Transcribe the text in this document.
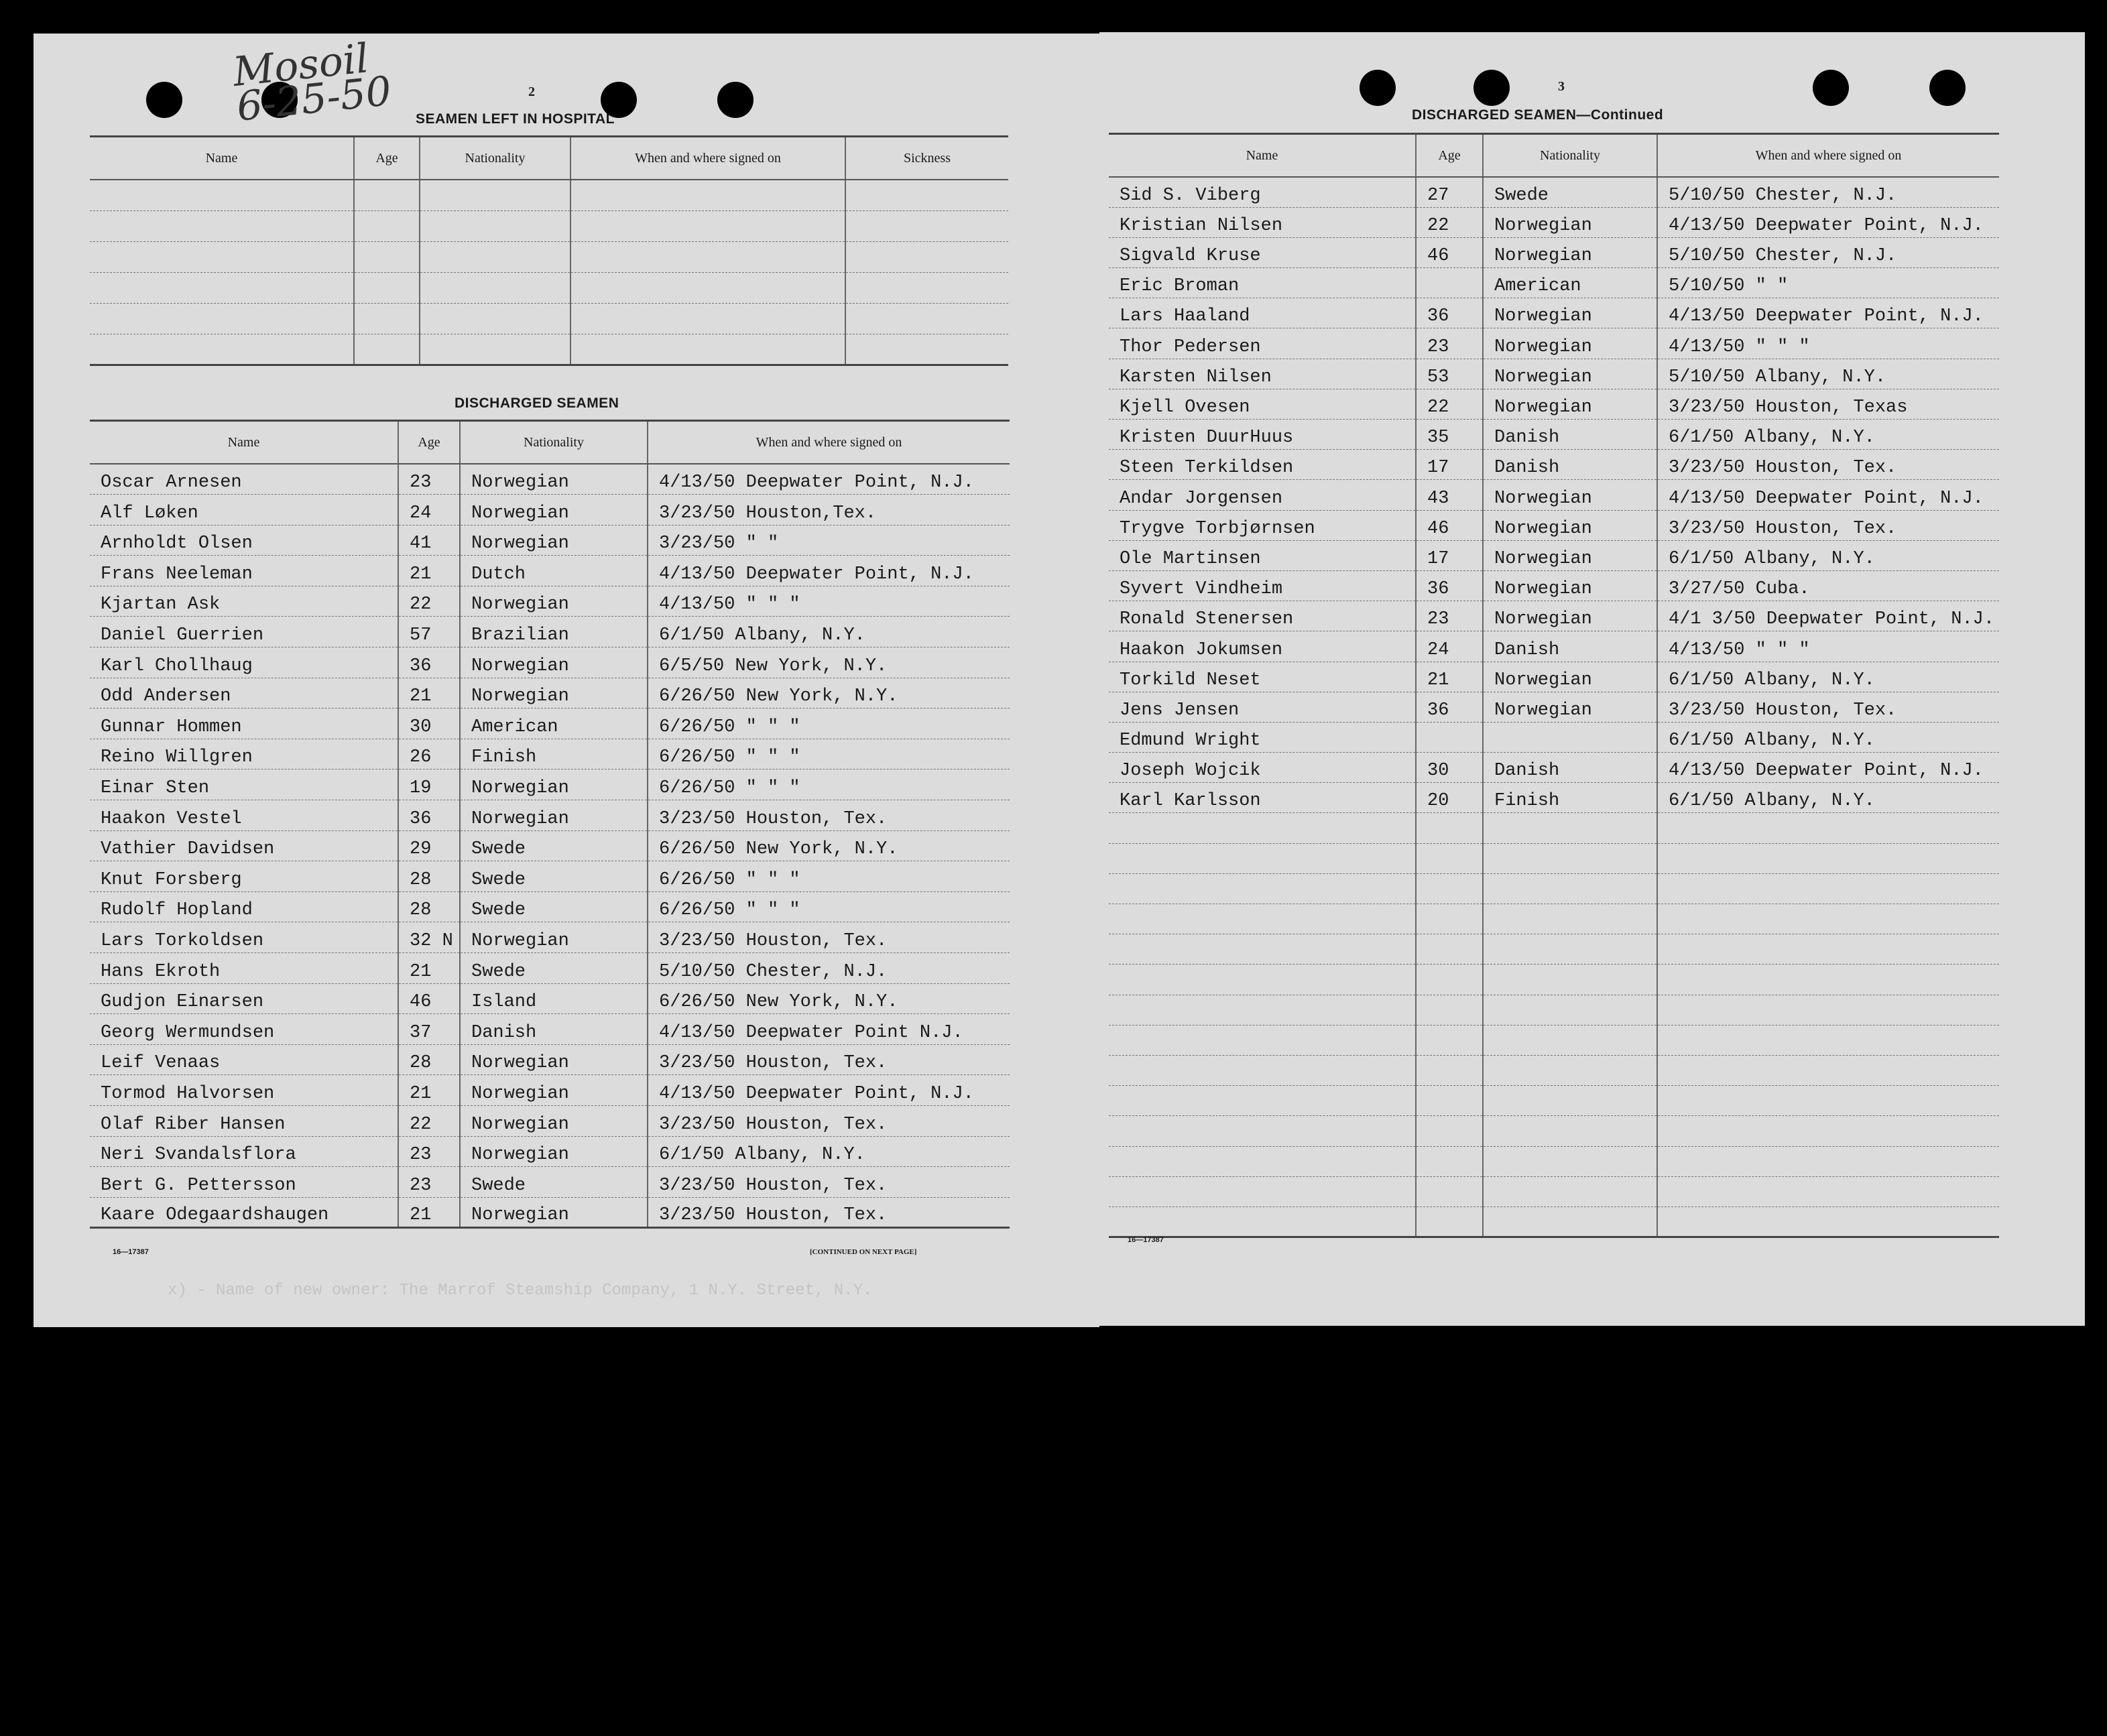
Mosoil
6-25-50	2
SEAMEN LEFT IN HOSPITAL
Name	Age	Nationality	When and where signed on	Sickness

DISCHARGED SEAMEN
Name	Age	Nationality	When and where signed on
Oscar Arnesen	23	Norwegian	4/13/50 Deepwater Point, N.J.
Alf Løken	24	Norwegian	3/23/50 Houston,Tex.
Arnholdt Olsen	41	Norwegian	3/23/50 " "
Frans Neeleman	21	Dutch	4/13/50 Deepwater Point, N.J.
Kjartan Ask	22	Norwegian	4/13/50 " " "
Daniel Guerrien	57	Brazilian	6/1/50 Albany, N.Y.
Karl Chollhaug	36	Norwegian	6/5/50 New York, N.Y.
Odd Andersen	21	Norwegian	6/26/50 New York, N.Y.
Gunnar Hommen	30	American	6/26/50 " " "
Reino Willgren	26	Finish	6/26/50 " " "
Einar Sten	19	Norwegian	6/26/50 " " "
Haakon Vestel	36	Norwegian	3/23/50 Houston, Tex.
Vathier Davidsen	29	Swede	6/26/50 New York, N.Y.
Knut Forsberg	28	Swede	6/26/50 " " "
Rudolf Hopland	28	Swede	6/26/50 " " "
Lars Torkoldsen	32 N	Norwegian	3/23/50 Houston, Tex.
Hans Ekroth	21	Swede	5/10/50 Chester, N.J.
Gudjon Einarsen	46	Island	6/26/50 New York, N.Y.
Georg Wermundsen	37	Danish	4/13/50 Deepwater Point N.J.
Leif Venaas	28	Norwegian	3/23/50 Houston, Tex.
Tormod Halvorsen	21	Norwegian	4/13/50 Deepwater Point, N.J.
Olaf Riber Hansen	22	Norwegian	3/23/50 Houston, Tex.
Neri Svandalsflora	23	Norwegian	6/1/50 Albany, N.Y.
Bert G. Pettersson	23	Swede	3/23/50 Houston, Tex.
Kaare Odegaardshaugen	21	Norwegian	3/23/50 Houston, Tex.
16—17387	[CONTINUED ON NEXT PAGE]
x) - Name of new owner: The Marrof Steamship Company, 1 N.Y. Street, N.Y.
3
DISCHARGED SEAMEN—Continued
Name	Age	Nationality	When and where signed on
Sid S. Viberg	27	Swede	5/10/50 Chester, N.J.
Kristian Nilsen	22	Norwegian	4/13/50 Deepwater Point, N.J.
Sigvald Kruse	46	Norwegian	5/10/50 Chester, N.J.
Eric Broman		American	5/10/50 " "
Lars Haaland	36	Norwegian	4/13/50 Deepwater Point, N.J.
Thor Pedersen	23	Norwegian	4/13/50 " " "
Karsten Nilsen	53	Norwegian	5/10/50 Albany, N.Y.
Kjell Ovesen	22	Norwegian	3/23/50 Houston, Texas
Kristen DuurHuus	35	Danish	6/1/50 Albany, N.Y.
Steen Terkildsen	17	Danish	3/23/50 Houston, Tex.
Andar Jorgensen	43	Norwegian	4/13/50 Deepwater Point, N.J.
Trygve Torbjørnsen	46	Norwegian	3/23/50 Houston, Tex.
Ole Martinsen	17	Norwegian	6/1/50 Albany, N.Y.
Syvert Vindheim	36	Norwegian	3/27/50 Cuba.
Ronald Stenersen	23	Norwegian	4/1 3/50 Deepwater Point, N.J.
Haakon Jokumsen	24	Danish	4/13/50 " " "
Torkild Neset	21	Norwegian	6/1/50 Albany, N.Y.
Jens Jensen	36	Norwegian	3/23/50 Houston, Tex.
Edmund Wright			6/1/50 Albany, N.Y.
Joseph Wojcik	30	Danish	4/13/50 Deepwater Point, N.J.
Karl Karlsson	20	Finish	6/1/50 Albany, N.Y.

16—17387
